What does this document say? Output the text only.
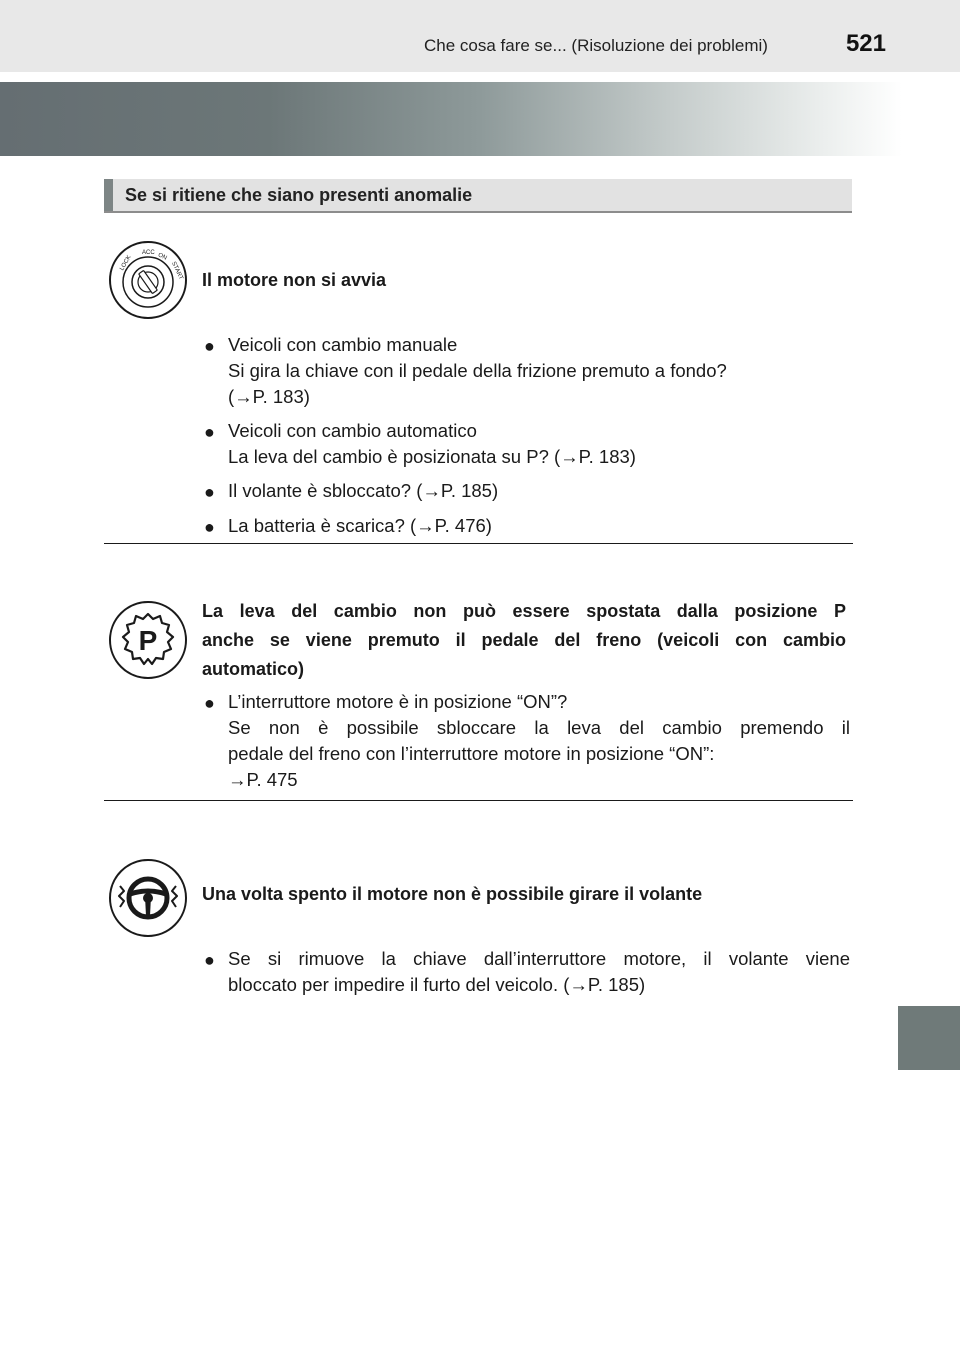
Che cosa fare se... (Risoluzione dei problemi)	521
Se si ritiene che siano presenti anomalie
LOCK
ACC ON
START Il motore non si avvia
● Veicoli con cambio manuale
Si gira la chiave con il pedale della frizione premuto a fondo?
(→P. 183)
● Veicoli con cambio automatico
La leva del cambio è posizionata su P? (→P. 183)
● Il volante è sbloccato? (→P. 185)
● La batteria è scarica? (→P. 476)
P
La leva del cambio non può essere spostata dalla posizione P
anche se viene premuto il pedale del freno (veicoli con cambio
automatico)
● L’interruttore motore è in posizione “ON”?
Se non è possibile sbloccare la leva del cambio premendo il
pedale del freno con l’interruttore motore in posizione “ON”:
→P. 475
Una volta spento il motore non è possibile girare il volante
● Se si rimuove la chiave dall’interruttore motore, il volante viene
bloccato per impedire il furto del veicolo. (→P. 185)
